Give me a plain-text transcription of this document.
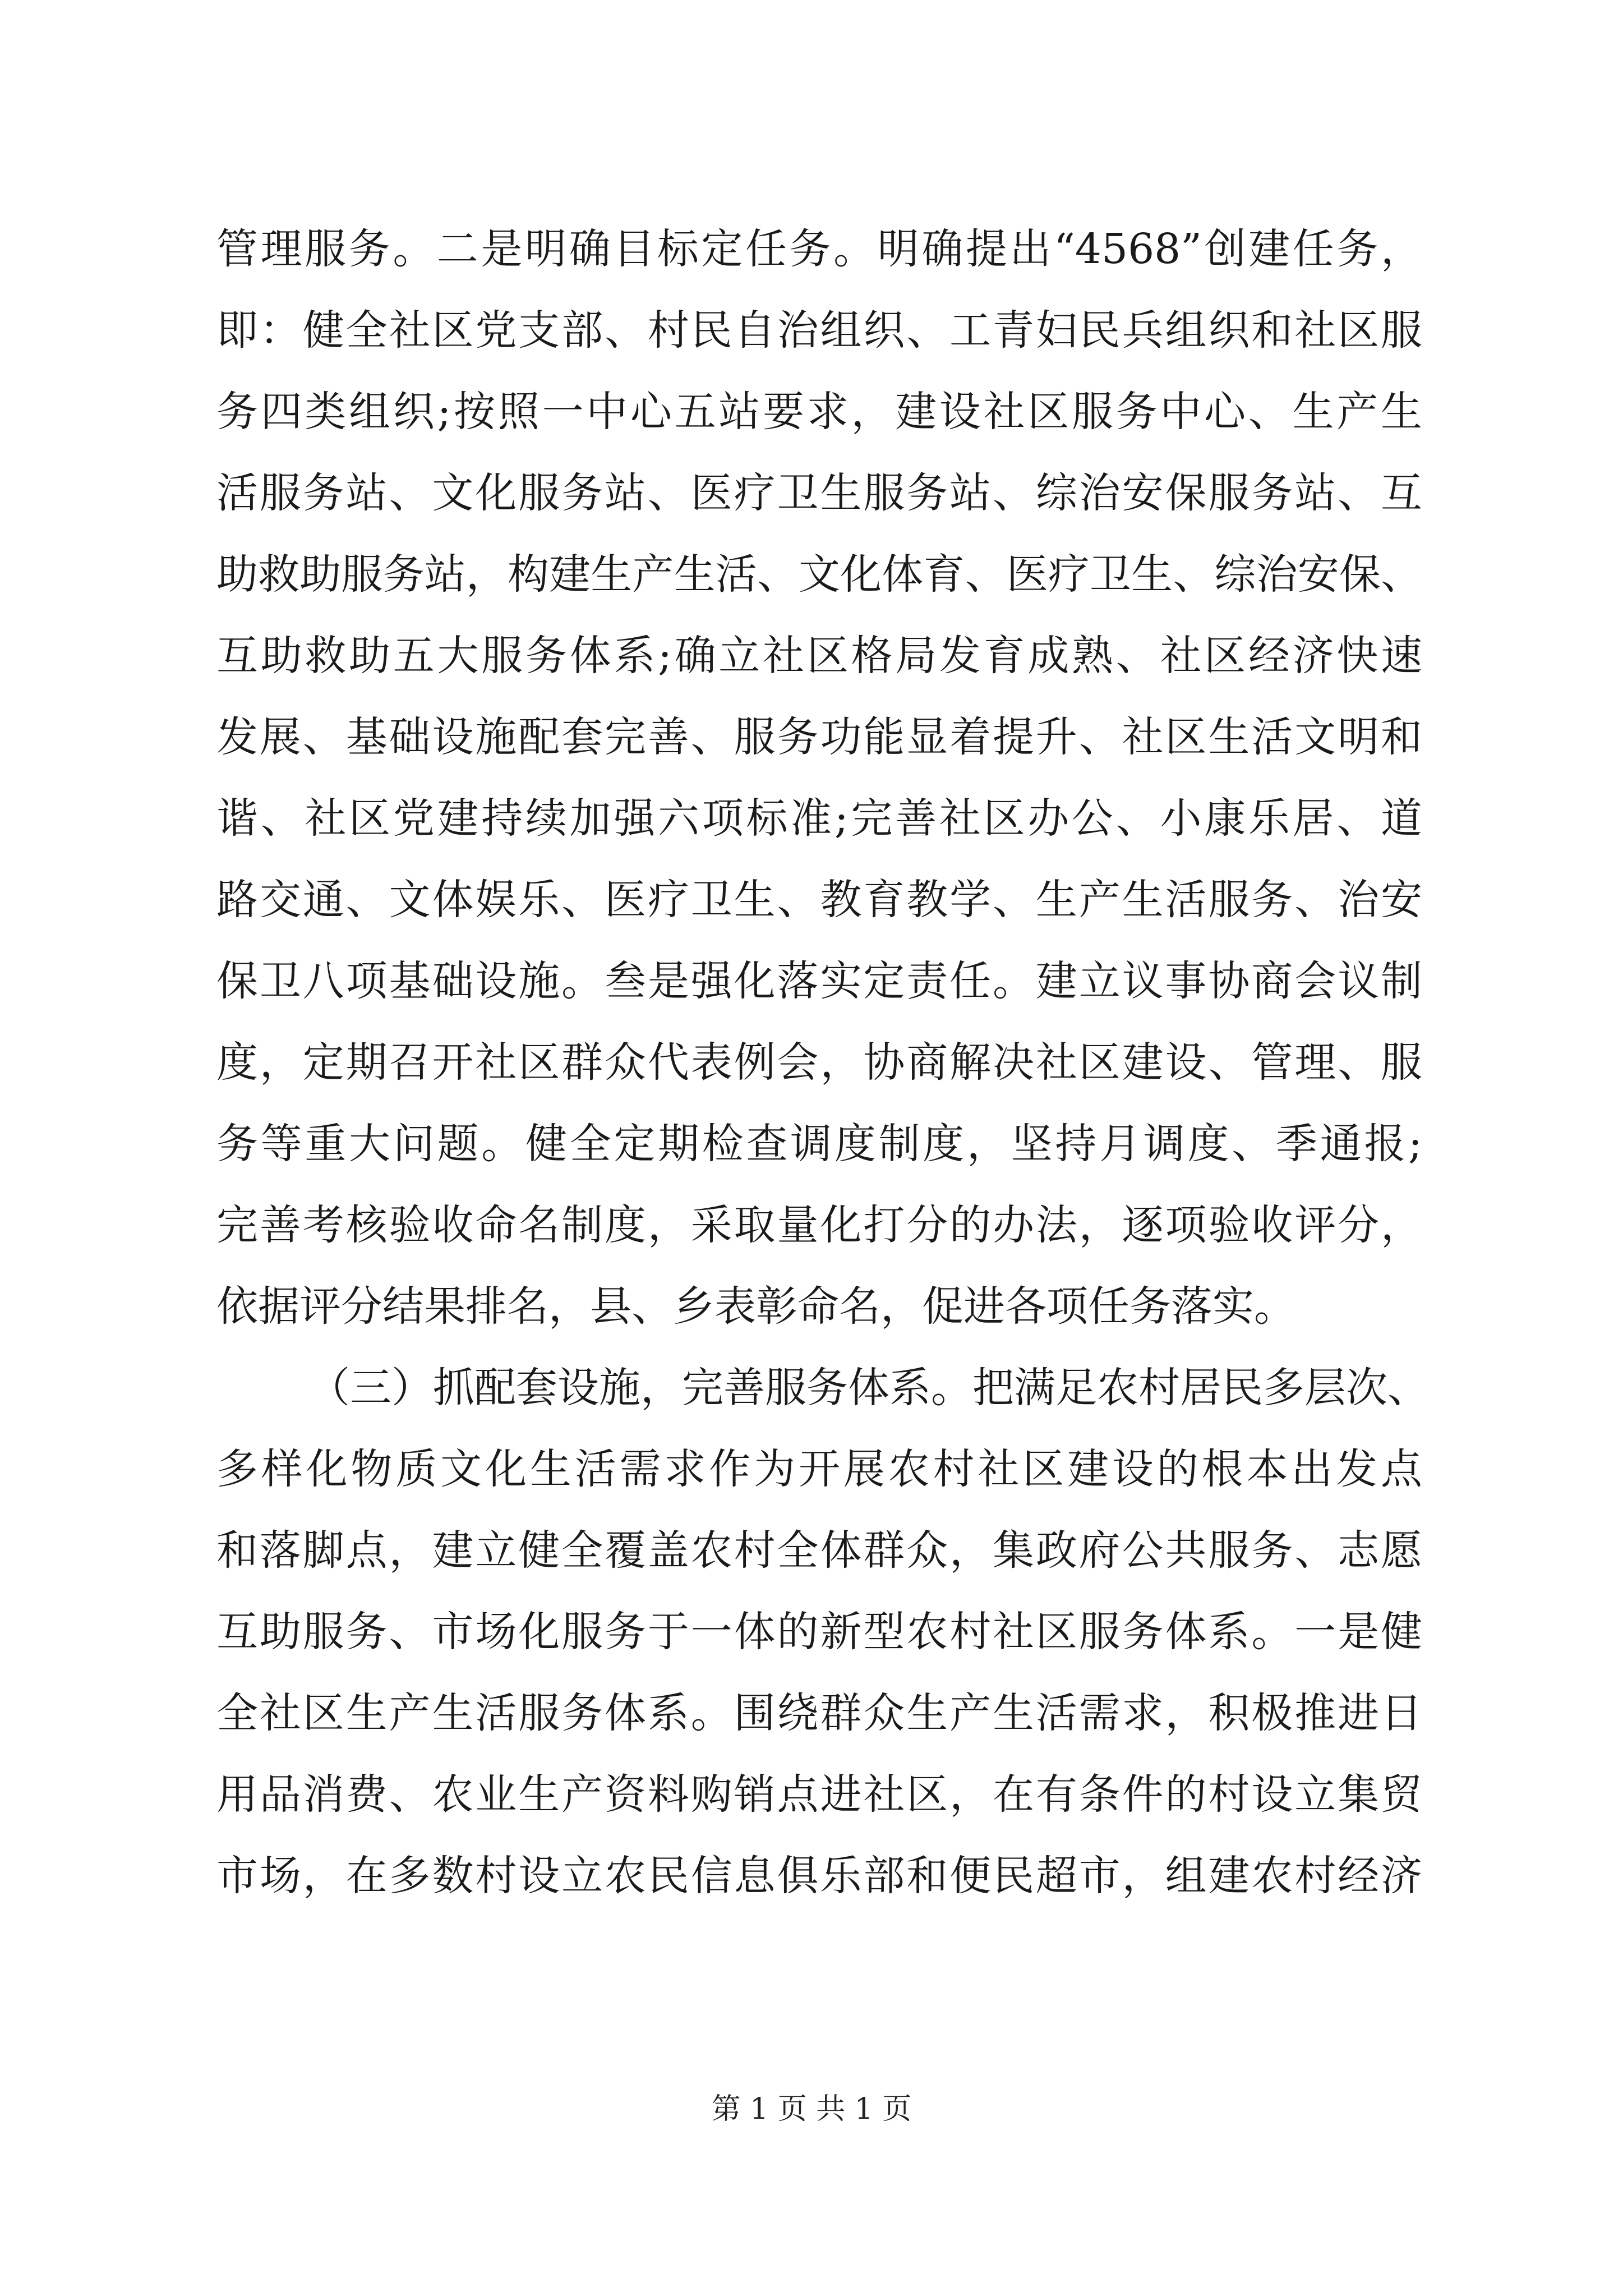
管理服务。二是明确目标定任务。明确提出“4568”创建任务，
即：健全社区党支部、村民自治组织、工青妇民兵组织和社区服
务四类组织;按照一中心五站要求，建设社区服务中心、生产生
活服务站、文化服务站、医疗卫生服务站、综治安保服务站、互
助救助服务站，构建生产生活、文化体育、医疗卫生、综治安保、
互助救助五大服务体系;确立社区格局发育成熟、社区经济快速
发展、基础设施配套完善、服务功能显着提升、社区生活文明和
谐、社区党建持续加强六项标准;完善社区办公、小康乐居、道
路交通、文体娱乐、医疗卫生、教育教学、生产生活服务、治安
保卫八项基础设施。叁是强化落实定责任。建立议事协商会议制
度，定期召开社区群众代表例会，协商解决社区建设、管理、服
务等重大问题。健全定期检查调度制度，坚持月调度、季通报;
完善考核验收命名制度，采取量化打分的办法，逐项验收评分，
依据评分结果排名，县、乡表彰命名，促进各项任务落实。
（三）抓配套设施，完善服务体系。把满足农村居民多层次、
多样化物质文化生活需求作为开展农村社区建设的根本出发点
和落脚点，建立健全覆盖农村全体群众，集政府公共服务、志愿
互助服务、市场化服务于一体的新型农村社区服务体系。一是健
全社区生产生活服务体系。围绕群众生产生活需求，积极推进日
用品消费、农业生产资料购销点进社区，在有条件的村设立集贸
市场，在多数村设立农民信息俱乐部和便民超市，组建农村经济
第 1 页 共 1 页
